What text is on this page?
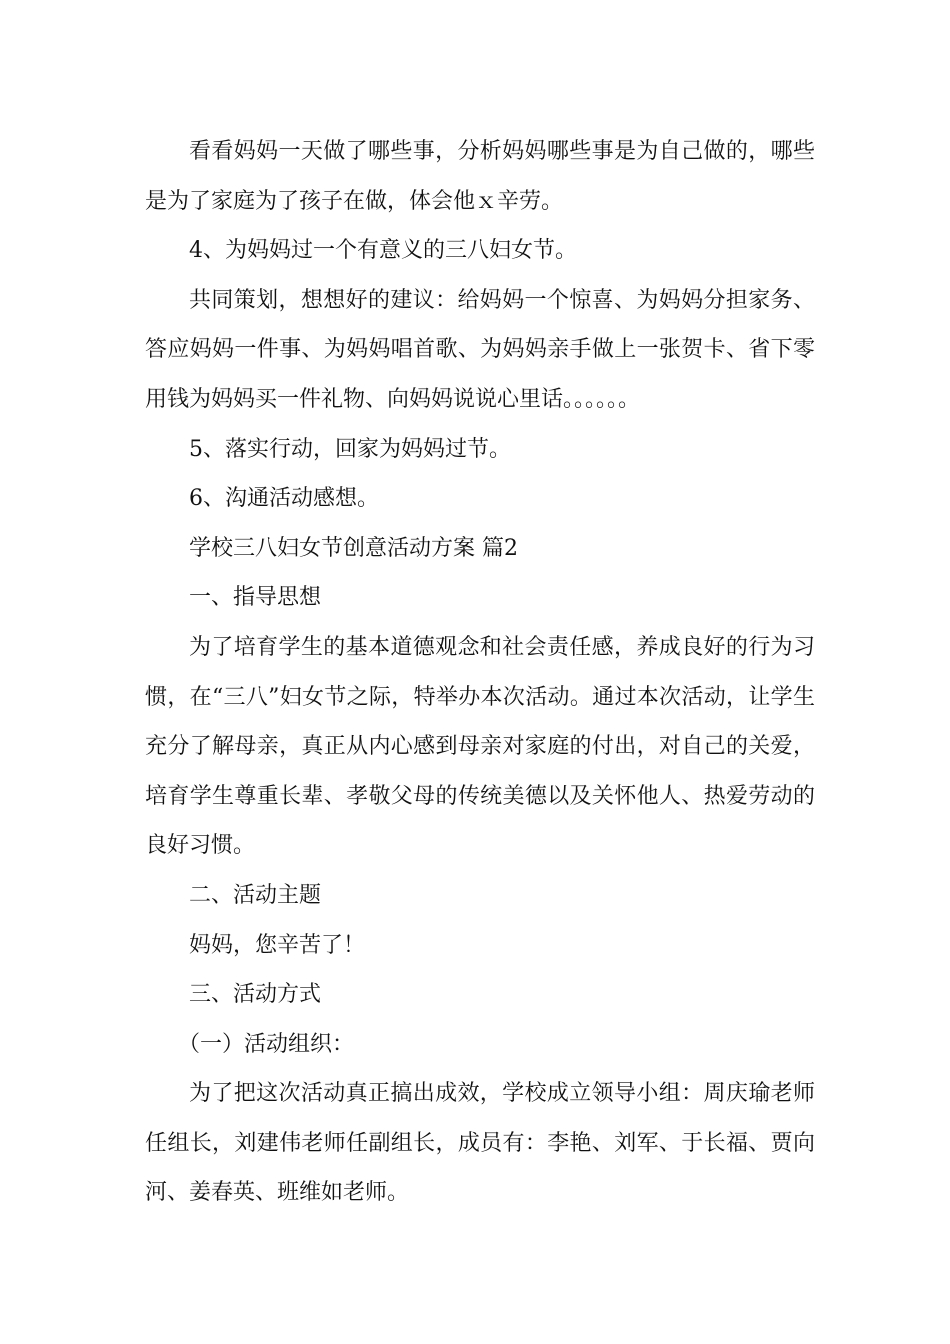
看看妈妈一天做了哪些事，分析妈妈哪些事是为自己做的，哪些是为了家庭为了孩子在做，体会他ｘ辛劳。

4、为妈妈过一个有意义的三八妇女节。

共同策划，想想好的建议：给妈妈一个惊喜、为妈妈分担家务、答应妈妈一件事、为妈妈唱首歌、为妈妈亲手做上一张贺卡、省下零用钱为妈妈买一件礼物、向妈妈说说心里话。。。。。。

5、落实行动，回家为妈妈过节。

6、沟通活动感想。

学校三八妇女节创意活动方案 篇2

一、指导思想

为了培育学生的基本道德观念和社会责任感，养成良好的行为习惯，在“三八”妇女节之际，特举办本次活动。通过本次活动，让学生充分了解母亲，真正从内心感到母亲对家庭的付出，对自己的关爱，培育学生尊重长辈、孝敬父母的传统美德以及关怀他人、热爱劳动的良好习惯。

二、活动主题

妈妈，您辛苦了！

三、活动方式

（一）活动组织：

为了把这次活动真正搞出成效，学校成立领导小组：周庆瑜老师任组长，刘建伟老师任副组长，成员有：李艳、刘军、于长福、贾向河、姜春英、班维如老师。
